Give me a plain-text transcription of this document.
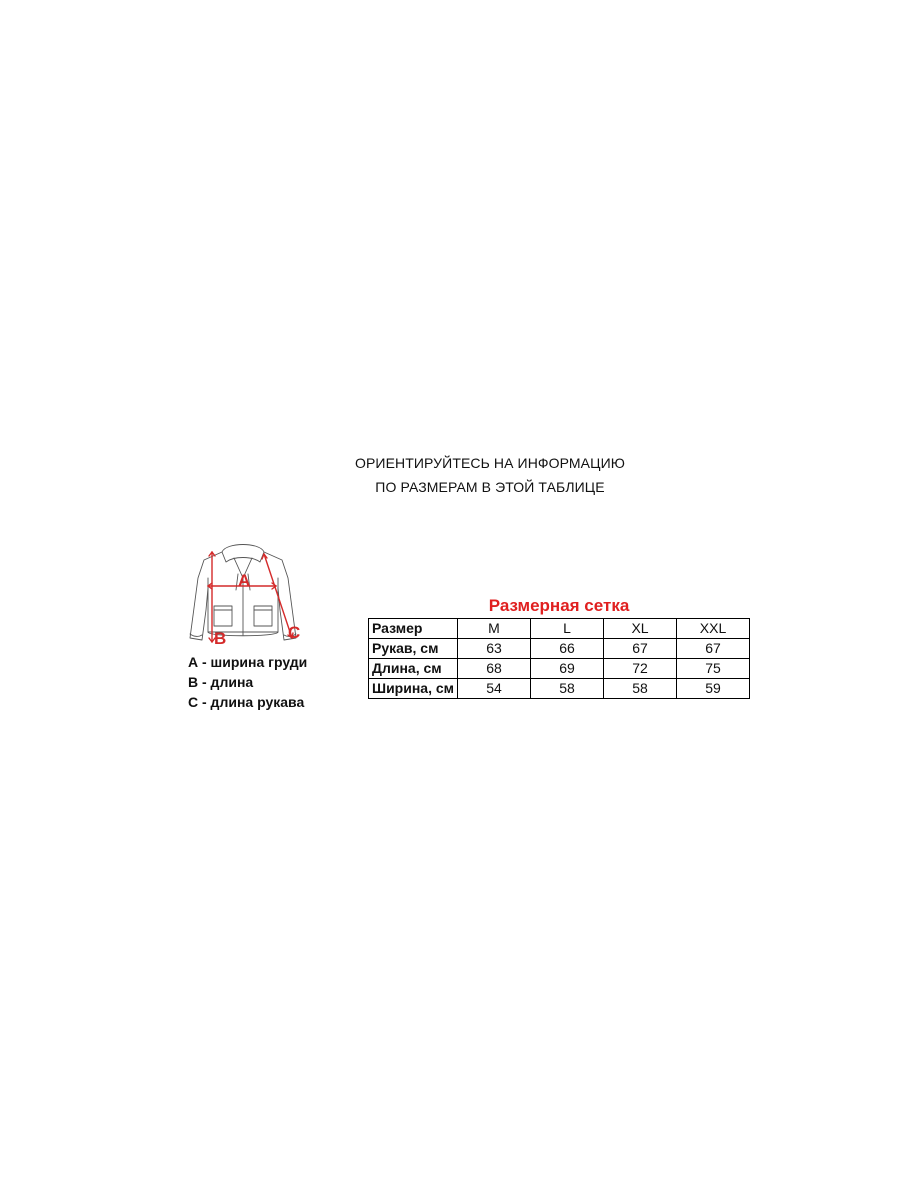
ОРИЕНТИРУЙТЕСЬ НА ИНФОРМАЦИЮ
ПО РАЗМЕРАМ В ЭТОЙ ТАБЛИЦЕ
A
B	C
А - ширина груди
В - длина
С - длина рукава
Размерная сетка
Размер	M	L	XL	XXL
Рукав, см	63	66	67	67
Длина, см	68	69	72	75
Ширина, см	54	58	58	59
